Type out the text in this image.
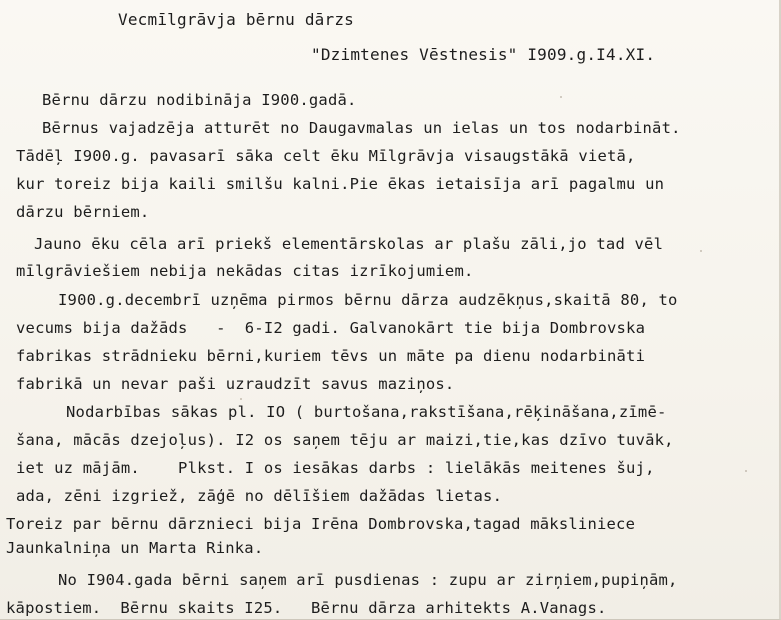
Vecmīlgrāvja bērnu dārzs
"Dzimtenes Vēstnesis" I909.g.I4.XI.
Bērnu dārzu nodibināja I900.gadā.
Bērnus vajadzēja atturēt no Daugavmalas un ielas un tos nodarbināt.
Tādēļ I900.g. pavasarī sāka celt ēku Mīlgrāvja visaugstākā vietā,
kur toreiz bija kaili smilšu kalni.Pie ēkas ietaisīja arī pagalmu un
dārzu bērniem.
Jauno ēku cēla arī priekš elementārskolas ar plašu zāli,jo tad vēl
mīlgrāviešiem nebija nekādas citas izrīkojumiem.
I900.g.decembrī uzņēma pirmos bērnu dārza audzēkņus,skaitā 80, to
vecums bija dažāds   -  6-I2 gadi. Galvanokārt tie bija Dombrovska
fabrikas strādnieku bērni,kuriem tēvs un māte pa dienu nodarbināti
fabrikā un nevar paši uzraudzīt savus maziņos.
Nodarbības sākas pl. IO ( burtošana,rakstīšana,rēķināšana,zīmē-
šana, mācās dzejoļus). I2 os saņem tēju ar maizi,tie,kas dzīvo tuvāk,
iet uz mājām.    Plkst. I os iesākas darbs : lielākās meitenes šuj,
ada, zēni izgriež, zāģē no dēlīšiem dažādas lietas.
Toreiz par bērnu dārznieci bija Irēna Dombrovska,tagad māksliniece
Jaunkalniņa un Marta Rinka.
No I904.gada bērni saņem arī pusdienas : zupu ar zirņiem,pupiņām,
kāpostiem.  Bērnu skaits I25.   Bērnu dārza arhitekts A.Vanags.
